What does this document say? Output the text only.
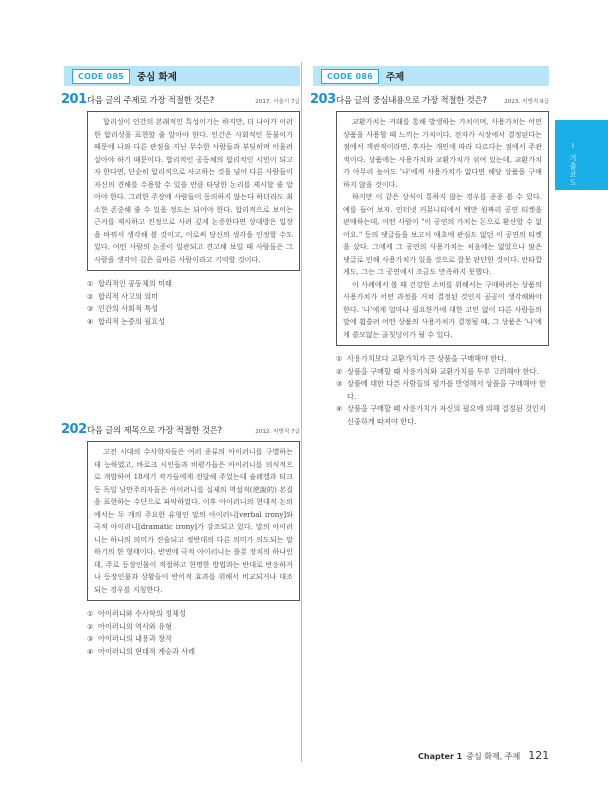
CODE 085	중심 화제
201 다음 글의 주제로 가장 적절한 것은?	2017. 서울시 7급

합리성이 인간의 본래적인 특성이기는 하지만, 더 나아가 이러한 합리성을 표현할 줄 알아야 한다. 인간은 사회적인 동물이기 때문에 나와 다른 관점을 지닌 무수한 사람들과 부딪히며 어울려 살아야 하기 때문이다. 합리적인 공동체의 합리적인 시민이 되고자 한다면, 단순히 합리적으로 사고하는 것을 넘어 다른 사람들이 자신의 견해를 수용할 수 있을 만큼 타당한 논리를 제시할 줄 알아야 한다. 그러한 주장에 사람들이 동의하지 않는다 하더라도 최소한 존중해 줄 수 있을 정도는 되어야 한다. 합리적으로 보이는 근거를 제시하고 진정으로 사려 깊게 논증한다면 상대방은 입장을 바꿔서 생각해 볼 것이고, 이로써 당신의 생각을 인정할 수도 있다. 어떤 사람의 논증이 일관되고 견고해 보일 때 사람들은 그 사람을 생각이 깊은 올바른 사람이라고 기억할 것이다.

① 합리적인 공동체의 미래
② 합리적 사고의 의미
③ 인간의 사회적 특성
④ 합리적 논증의 필요성
202 다음 글의 제목으로 가장 적절한 것은?	2012. 지방직 7급

고전 시대의 수사학자들은 여러 종류의 아이러니를 구별하는 데 능하였고, 바로크 시인들과 비평가들은 아이러니를 의식적으로 개발하여 18세기 작가들에게 전달해 주었는데 슐레겔과 티크 등 독일 낭만주의자들은 아이러니를 실제의 역설적(逆說的) 본질을 표현하는 수단으로 파악하였다. 이후 아이러니의 현대적 논의에서는 두 개의 주요한 유형인 말의 아이러니[verbal irony]와 극적 아이러니[dramatic irony]가 강조되고 있다. 말의 아이러니는 하나의 의미가 진술되고 정반대의 다른 의미가 의도되는 말하기의 한 형태이다. 반면에 극적 아이러니는 플롯 장치의 하나인데, 주로 등장인물이 적절하고 현명한 방법과는 반대로 반응하거나 등장인물과 상황들이 반어적 효과를 위해서 비교되거나 대조되는 경우를 지칭한다.

① 아이러니와 수사학의 정체성
② 아이러니의 역사와 유형
③ 아이러니의 내용과 창작
④ 아이러니의 현대적 계승과 사례
CODE 086	주제
203 다음 글의 중심내용으로 가장 적절한 것은?	2023. 지방직 9급

교환가치는 거래를 통해 발생하는 가치이며, 사용가치는 어떤 상품을 사용할 때 느끼는 가치이다. 전자가 시장에서 결정된다는 점에서 객관적이라면, 후자는 개인에 따라 다르다는 점에서 주관적이다. 상품에는 사용가치와 교환가치가 섞여 있는데, 교환가치가 아무리 높아도 '나'에게 사용가치가 없다면 해당 상품을 구매하지 않을 것이다.

하지만 이 같은 상식이 통하지 않는 경우를 종종 볼 수 있다. 예를 들어 보자. 인터넷 커뮤니티에서 백만 원짜리 공연 티켓을 판매하는데, 어떤 사람이 "이 공연의 가치는 돈으로 환산할 수 없어요." 등의 댓글들을 보고서 애초에 관심도 없던 이 공연의 티켓을 샀다. 그에게 그 공연의 사용가치는 처음에는 없었으나 많은 댓글로 인해 사용가치가 있을 것으로 잘못 판단한 것이다. 안타깝게도, 그는 그 공연에서 조금도 만족하지 못했다.

이 사례에서 볼 때 건강한 소비를 위해서는 구매하려는 상품의 사용가치가 어떤 과정을 거쳐 결정된 것인지 곰곰이 생각해봐야 한다. '나'에게 얼마나 필요한가에 대한 고민 없이 다른 사람들의 말에 휩쓸려 어떤 상품의 사용가치가 결정될 때, 그 상품은 '나'에게 쓸모없는 골칫덩이가 될 수 있다.

① 사용가치보다 교환가치가 큰 상품을 구매해야 한다.
② 상품을 구매할 때 사용가치와 교환가치를 두루 고려해야 한다.
③ 상품에 대한 다른 사람들의 평가를 반영해서 상품을 구매해야 한다.
④ 상품을 구매할 때 사용가치가 자신의 필요에 의해 결정된 것인지 신중하게 따져야 한다.
Ⅰ 기출코드
Chapter 1 중심 화제, 주제 121
